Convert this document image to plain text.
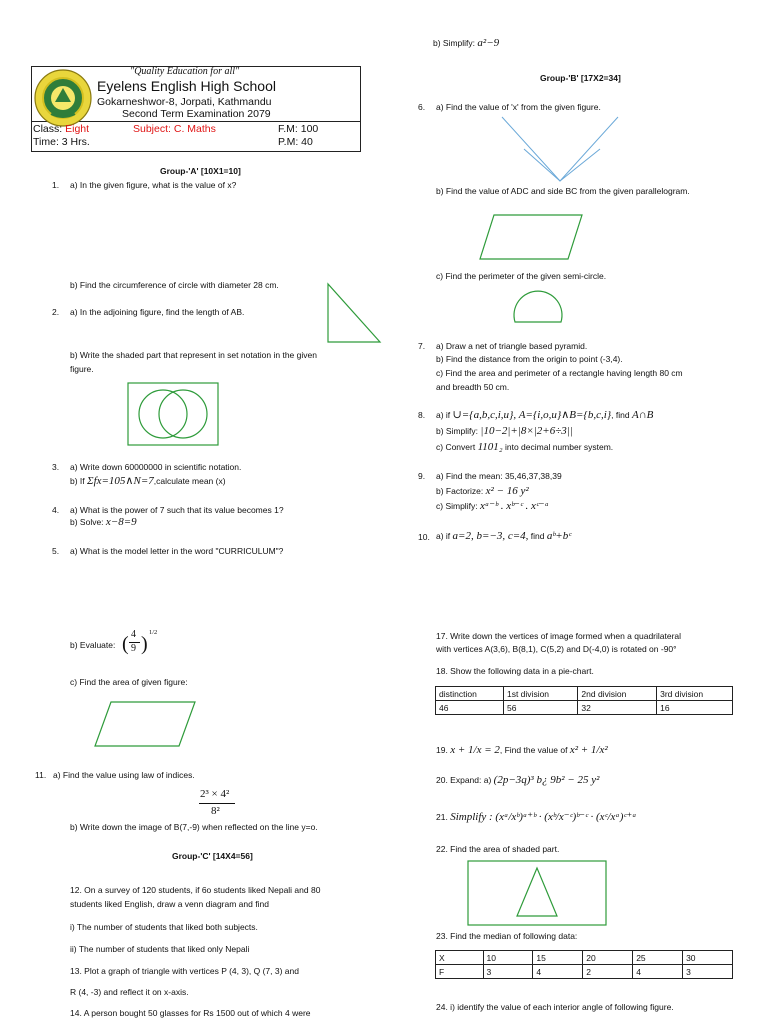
"Quality Education for all"
Eyelens English High School
Gokarneshwor-8, Jorpati, Kathmandu
Second Term Examination 2079
Class: Eight	Subject: C. Maths	F.M: 100
Time: 3 Hrs.	P.M: 40
Group-'A' [10X1=10]
1. a) In the given figure, what is the value of x?
b) Find the circumference of circle with diameter 28 cm.
2. a) In the adjoining figure, find the length of AB.
b) Write the shaded part that represent in set notation in the given
figure.
3. a) Write down 60000000 in scientific notation.
b) If Σfx=105∧N=7,calculate mean (x)
4. a) What is the power of 7 such that its value becomes 1?
b) Solve: x−8=9
5. a) What is the model letter in the word "CURRICULUM"?
b) Evaluate: ( 4
9 )
1/2
c) Find the area of given figure:
11. a) Find the value using law of indices.
2³ × 4²
8²
b) Write down the image of B(7,-9) when reflected on the line y=o.
Group-'C' [14X4=56]
12. On a survey of 120 students, if 6o students liked Nepali and 80
students liked English, draw a venn diagram and find
i) The number of students that liked both subjects.
ii) The number of students that liked only Nepali
13. Plot a graph of triangle with vertices P (4, 3), Q (7, 3) and
R (4, -3) and reflect it on x-axis.
14. A person bought 50 glasses for Rs 1500 out of which 4 were
b) Simplify: a²−9
Group-'B' [17X2=34]
6. a) Find the value of 'x' from the given figure.
b) Find the value of ADC and side BC from the given parallelogram.
c) Find the perimeter of the given semi-circle.
7. a) Draw a net of triangle based pyramid.
b) Find the distance from the origin to point (-3,4).
c) Find the area and perimeter of a rectangle having length 80 cm
and breadth 50 cm.
8. a) if ∪={a,b,c,i,u}, A={i,o,u}∧B={b,c,i}, find A∩B
b) Simplify: |10−2|+|8×|2+6÷3||
c) Convert 1101₂ into decimal number system.
9. a) Find the mean: 35,46,37,38,39
b) Factorize: x² − 16 y²
c) Simplify: xᵃ⁻ᵇ . xᵇ⁻ᶜ . xᶜ⁻ᵃ
10. a) if a=2, b=−3, c=4, find aᵇ+bᶜ
17. Write down the vertices of image formed when a quadrilateral
with vertices A(3,6), B(8,1), C(5,2) and D(-4,0) is rotated on -90°
18. Show the following data in a pie-chart.
distinction	1st division	2nd division	3rd division
46	56	32	16
19. x + 1/x = 2, Find the value of x² + 1/x²
20. Expand: a) (2p−3q)³ b¿ 9b² − 25 y²
21. Simplify : (xᵃ/xᵇ)ᵃ⁺ᵇ · (xᵇ/x⁻ᶜ)ᵇ⁻ᶜ · (xᶜ/xᵃ)ᶜ⁺ᵃ
22. Find the area of shaded part.
23. Find the median of following data:
X	10	15	20	25	30
F	3	4	2	4	3
24. i) identify the value of each interior angle of following figure.
